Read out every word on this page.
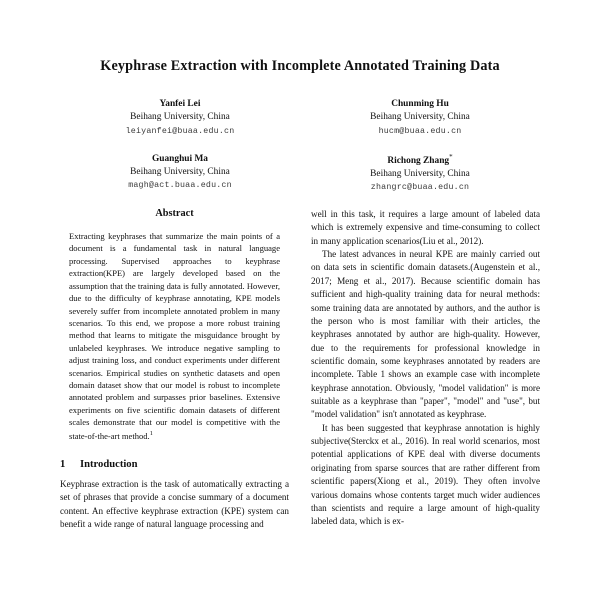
Keyphrase Extraction with Incomplete Annotated Training Data
Yanfei Lei
Beihang University, China
leiyanfei@buaa.edu.cn
Chunming Hu
Beihang University, China
hucm@buaa.edu.cn
Guanghui Ma
Beihang University, China
magh@act.buaa.edu.cn
Richong Zhang*
Beihang University, China
zhangrc@buaa.edu.cn
Abstract

Extracting keyphrases that summarize the main points of a document is a fundamental task in natural language processing. Supervised approaches to keyphrase extraction(KPE) are largely developed based on the assumption that the training data is fully annotated. However, due to the difficulty of keyphrase annotating, KPE models severely suffer from incomplete annotated problem in many scenarios. To this end, we propose a more robust training method that learns to mitigate the misguidance brought by unlabeled keyphrases. We introduce negative sampling to adjust training loss, and conduct experiments under different scenarios. Empirical studies on synthetic datasets and open domain dataset show that our model is robust to incomplete annotated problem and surpasses prior baselines. Extensive experiments on five scientific domain datasets of different scales demonstrate that our model is competitive with the state-of-the-art method.$^1$

1	Introduction

Keyphrase extraction is the task of automatically extracting a set of phrases that provide a concise summary of a document content. An effective keyphrase extraction (KPE) system can benefit a wide range of natural language processing and

well in this task, it requires a large amount of labeled data which is extremely expensive and time-consuming to collect in many application scenarios(Liu et al., 2012).

The latest advances in neural KPE are mainly carried out on data sets in scientific domain datasets.(Augenstein et al., 2017; Meng et al., 2017). Because scientific domain has sufficient and high-quality training data for neural methods: some training data are annotated by authors, and the author is the person who is most familiar with their articles, the keyphrases annotated by author are high-quality. However, due to the requirements for professional knowledge in scientific domain, some keyphrases annotated by readers are incomplete. Table 1 shows an example case with incomplete keyphrase annotation. Obviously, "model validation" is more suitable as a keyphrase than "paper", "model" and "use", but "model validation" isn't annotated as keyphrase.

It has been suggested that keyphrase annotation is highly subjective(Sterckx et al., 2016). In real world scenarios, most potential applications of KPE deal with diverse documents originating from sparse sources that are rather different from scientific papers(Xiong et al., 2019). They often involve various domains whose contents target much wider audiences than scientists and require a large amount of high-quality labeled data, which is ex-
